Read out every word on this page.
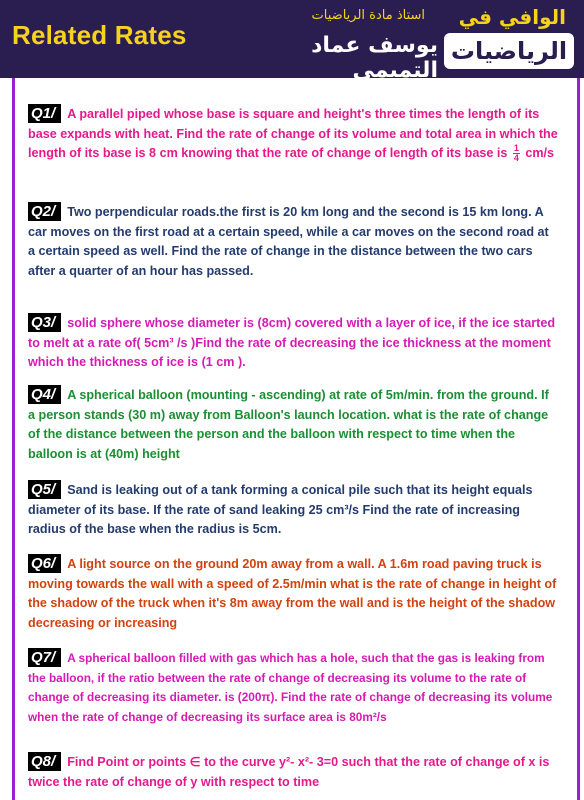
Related Rates
استاذ مادة الرياضيات
يوسف عماد التميمي
الوافي في
الرياضيات
Q1/ A parallel piped whose base is square and height's three times the length of its base expands with heat. Find the rate of change of its volume and total area in which the length of its base is 8 cm knowing that the rate of change of length of its base is $\frac{1}{4} cm/s$
Q2/ Two perpendicular roads.the first is 20 km long and the second is 15 km long. A car moves on the first road at a certain speed, while a car moves on the second road at a certain speed as well. Find the rate of change in the distance between the two cars after a quarter of an hour has passed.
Q3/ solid sphere whose diameter is (8cm) covered with a layer of ice, if the ice started to melt at a rate of( 5cm³ /s )Find the rate of decreasing the ice thickness at the moment which the thickness of ice is (1 cm ).
Q4/ A spherical balloon (mounting - ascending) at rate of 5m/min. from the ground. If a person stands (30 m) away from Balloon's launch location. what is the rate of change of the distance between the person and the balloon with respect to time when the balloon is at (40m) height
Q5/ Sand is leaking out of a tank forming a conical pile such that its height equals diameter of its base. If the rate of sand leaking 25 cm³/s Find the rate of increasing radius of the base when the radius is 5cm.
Q6/ A light source on the ground 20m away from a wall. A 1.6m road paving truck is moving towards the wall with a speed of 2.5m/min what is the rate of change in height of the shadow of the truck when it's 8m away from the wall and is the height of the shadow decreasing or increasing
Q7/ A spherical balloon filled with gas which has a hole, such that the gas is leaking from the balloon, if the ratio between the rate of change of decreasing its volume to the rate of change of decreasing its diameter. is (200π). Find the rate of change of decreasing its volume when the rate of change of decreasing its surface area is 80m²/s
Q8/ Find Point or points ∈ to the curve y²- x²- 3=0 such that the rate of change of x is twice the rate of change of y with respect to time
